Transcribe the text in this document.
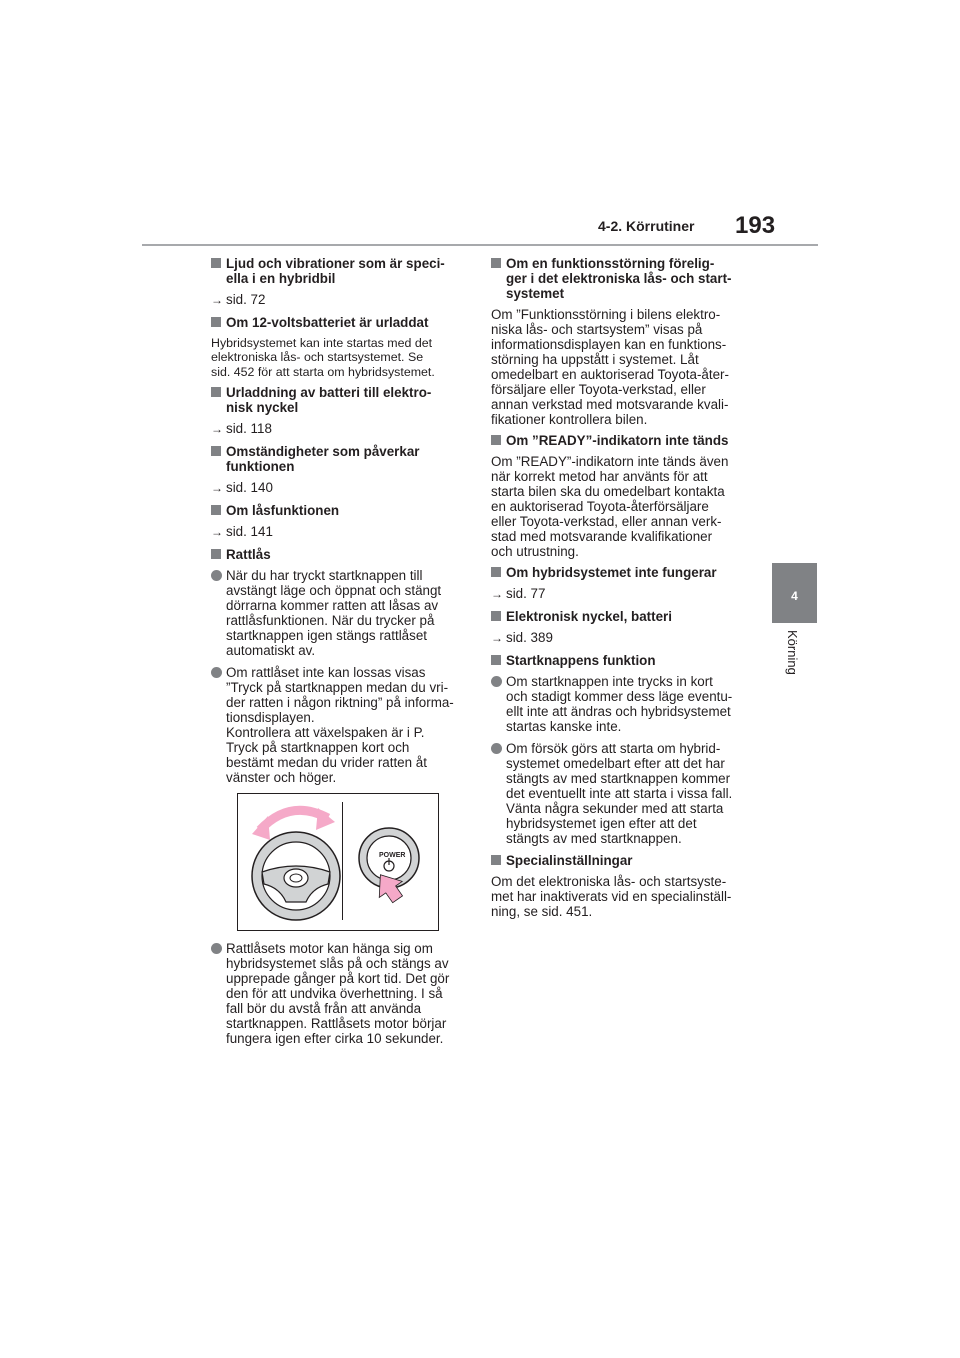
4-2. Körrutiner 193
4
Körning
Ljud och vibrationer som är speci-
ella i en hybridbil
→ sid. 72
Om 12-voltsbatteriet är urladdat
Hybridsystemet kan inte startas med det
elektroniska lås- och startsystemet. Se
sid. 452 för att starta om hybridsystemet.
Urladdning av batteri till elektro-
nisk nyckel
→ sid. 118
Omständigheter som påverkar
funktionen
→ sid. 140
Om låsfunktionen
→ sid. 141
Rattlås
När du har tryckt startknappen till
avstängt läge och öppnat och stängt
dörrarna kommer ratten att låsas av
rattlåsfunktionen. När du trycker på
startknappen igen stängs rattlåset
automatiskt av.
Om rattlåset inte kan lossas visas
”Tryck på startknappen medan du vri-
der ratten i någon riktning” på informa-
tionsdisplayen.
Kontrollera att växelspaken är i P.
Tryck på startknappen kort och
bestämt medan du vrider ratten åt
vänster och höger.
POWER
Rattlåsets motor kan hänga sig om
hybridsystemet slås på och stängs av
upprepade gånger på kort tid. Det gör
den för att undvika överhettning. I så
fall bör du avstå från att använda
startknappen. Rattlåsets motor börjar
fungera igen efter cirka 10 sekunder.
Om en funktionsstörning förelig-
ger i det elektroniska lås- och start-
systemet
Om ”Funktionsstörning i bilens elektro-
niska lås- och startsystem” visas på
informationsdisplayen kan en funktions-
störning ha uppstått i systemet. Låt
omedelbart en auktoriserad Toyota-åter-
försäljare eller Toyota-verkstad, eller
annan verkstad med motsvarande kvali-
fikationer kontrollera bilen.
Om ”READY”-indikatorn inte tänds
Om ”READY”-indikatorn inte tänds även
när korrekt metod har använts för att
starta bilen ska du omedelbart kontakta
en auktoriserad Toyota-återförsäljare
eller Toyota-verkstad, eller annan verk-
stad med motsvarande kvalifikationer
och utrustning.
Om hybridsystemet inte fungerar
→ sid. 77
Elektronisk nyckel, batteri
→ sid. 389
Startknappens funktion
Om startknappen inte trycks in kort
och stadigt kommer dess läge eventu-
ellt inte att ändras och hybridsystemet
startas kanske inte.
Om försök görs att starta om hybrid-
systemet omedelbart efter att det har
stängts av med startknappen kommer
det eventuellt inte att starta i vissa fall.
Vänta några sekunder med att starta
hybridsystemet igen efter att det
stängts av med startknappen.
Specialinställningar
Om det elektroniska lås- och startsyste-
met har inaktiverats vid en specialinställ-
ning, se sid. 451.
